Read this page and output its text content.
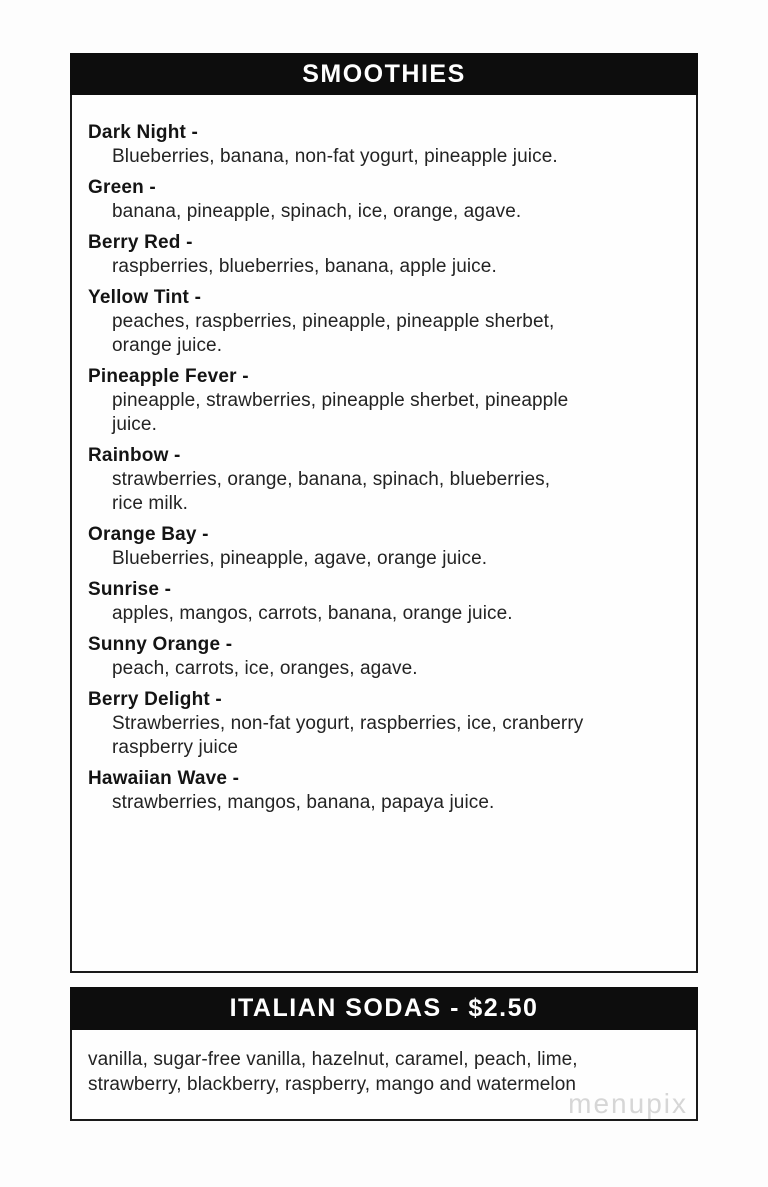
SMOOTHIES
Dark Night -
Blueberries, banana, non-fat yogurt, pineapple juice.
Green -
banana, pineapple, spinach, ice, orange, agave.
Berry Red -
raspberries, blueberries, banana, apple juice.
Yellow Tint -
peaches, raspberries, pineapple, pineapple sherbet,
orange juice.
Pineapple Fever -
pineapple, strawberries, pineapple sherbet, pineapple
juice.
Rainbow -
strawberries, orange, banana, spinach, blueberries,
rice milk.
Orange Bay -
Blueberries, pineapple, agave, orange juice.
Sunrise -
apples, mangos, carrots, banana, orange juice.
Sunny Orange -
peach, carrots, ice, oranges, agave.
Berry Delight -
Strawberries, non-fat yogurt, raspberries, ice, cranberry
raspberry juice
Hawaiian Wave -
strawberries, mangos, banana, papaya juice.
ITALIAN SODAS - $2.50
vanilla, sugar-free vanilla, hazelnut, caramel, peach, lime,
strawberry, blackberry, raspberry, mango and watermelon
menupix
